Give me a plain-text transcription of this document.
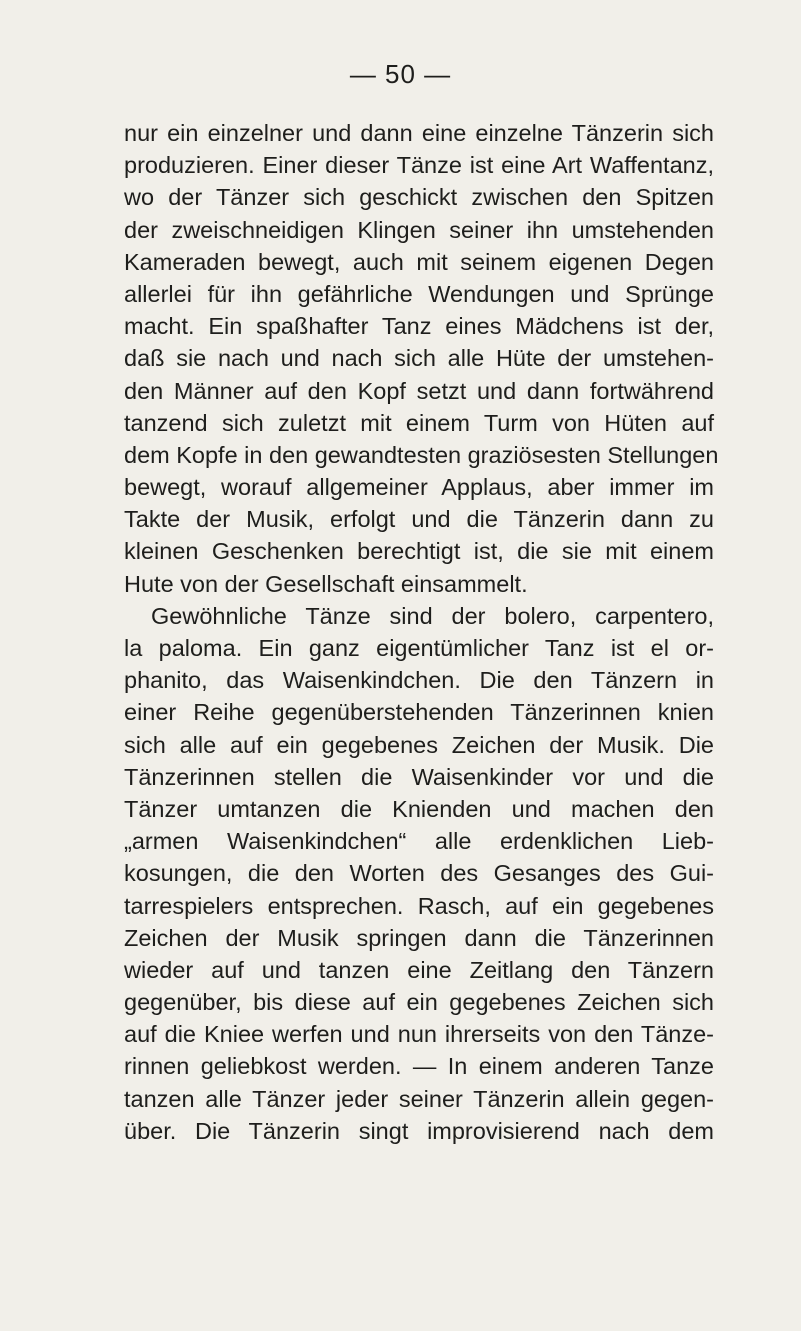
— 50 —
nur ein einzelner und dann eine einzelne Tänzerin sich
produzieren. Einer dieser Tänze ist eine Art Waffentanz,
wo der Tänzer sich geschickt zwischen den Spitzen
der zweischneidigen Klingen seiner ihn umstehenden
Kameraden bewegt, auch mit seinem eigenen Degen
allerlei für ihn gefährliche Wendungen und Sprünge
macht. Ein spaßhafter Tanz eines Mädchens ist der,
daß sie nach und nach sich alle Hüte der umstehen-
den Männer auf den Kopf setzt und dann fortwährend
tanzend sich zuletzt mit einem Turm von Hüten auf
dem Kopfe in den gewandtesten graziösesten Stellungen
bewegt, worauf allgemeiner Applaus, aber immer im
Takte der Musik, erfolgt und die Tänzerin dann zu
kleinen Geschenken berechtigt ist, die sie mit einem
Hute von der Gesellschaft einsammelt.
Gewöhnliche Tänze sind der bolero, carpentero,
la paloma. Ein ganz eigentümlicher Tanz ist el or-
phanito, das Waisenkindchen. Die den Tänzern in
einer Reihe gegenüberstehenden Tänzerinnen knien
sich alle auf ein gegebenes Zeichen der Musik. Die
Tänzerinnen stellen die Waisenkinder vor und die
Tänzer umtanzen die Knienden und machen den
„armen Waisenkindchen“ alle erdenklichen Lieb-
kosungen, die den Worten des Gesanges des Gui-
tarrespielers entsprechen. Rasch, auf ein gegebenes
Zeichen der Musik springen dann die Tänzerinnen
wieder auf und tanzen eine Zeitlang den Tänzern
gegenüber, bis diese auf ein gegebenes Zeichen sich
auf die Kniee werfen und nun ihrerseits von den Tänze-
rinnen geliebkost werden. — In einem anderen Tanze
tanzen alle Tänzer jeder seiner Tänzerin allein gegen-
über. Die Tänzerin singt improvisierend nach dem
